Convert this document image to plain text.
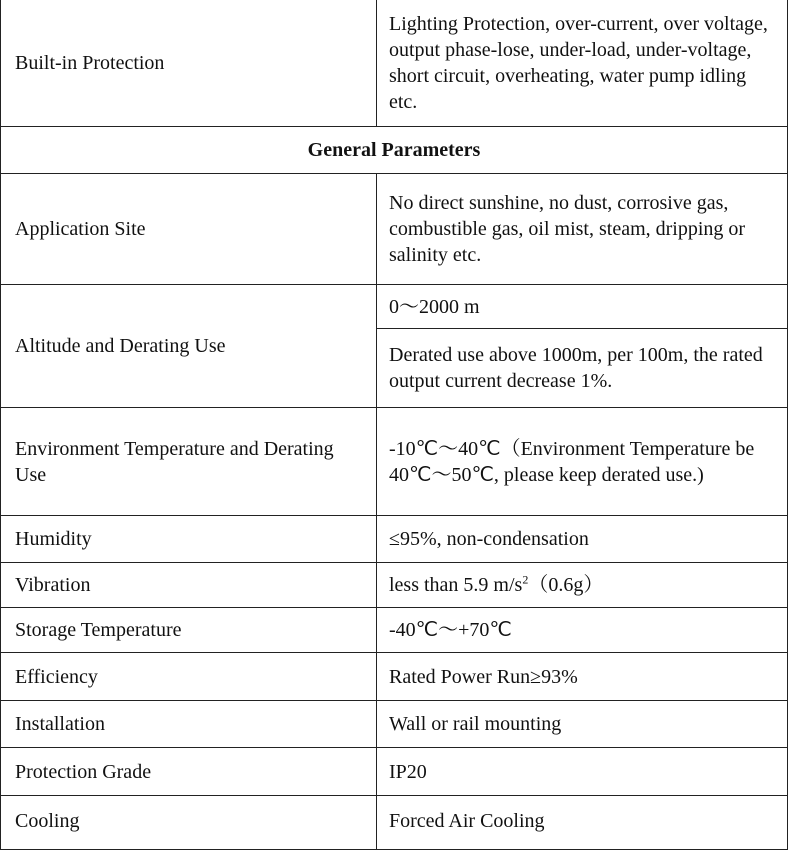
Built-in Protection	Lighting Protection, over-current, over voltage, output phase-lose, under-load, under-voltage, short circuit, overheating, water pump idling etc.
General Parameters	
Application Site	No direct sunshine, no dust, corrosive gas, combustible gas, oil mist, steam, dripping or salinity etc.
Altitude and Derating Use	0～2000 m
	Derated use above 1000m, per 100m, the rated output current decrease 1%.
Environment Temperature and Derating Use	-10℃～40℃（Environment Temperature be 40℃～50℃, please keep derated use.)
Humidity	≤95%, non-condensation
Vibration	less than 5.9 $m/s^2(0.6g)$
Storage Temperature	-40℃～+70℃
Efficiency	Rated Power Run≥93%
Installation	Wall or rail mounting
Protection Grade	IP20
Cooling	Forced Air Cooling
